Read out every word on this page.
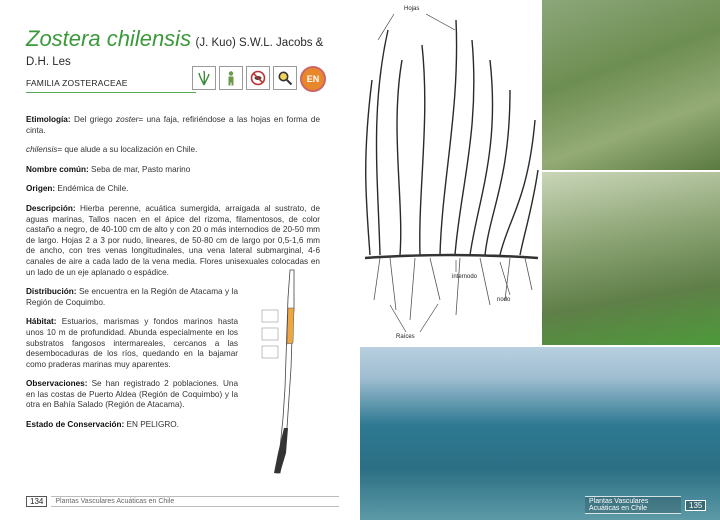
Zostera chilensis (J. Kuo) S.W.L. Jacobs & D.H. Les
FAMILIA ZOSTERACEAE	EN

Etimología: Del griego zoster= una faja, refiriéndose a las hojas en forma de cinta.

chilensis= que alude a su localización en Chile.

Nombre común: Seba de mar, Pasto marino

Origen: Endémica de Chile.

Descripción: Hierba perenne, acuática sumergida, arraigada al sustrato, de aguas marinas, Tallos nacen en el ápice del rizoma, filamentosos, de color castaño a negro, de 40-100 cm de alto y con 20 o más internodios de 20-50 mm de largo. Hojas 2 a 3 por nudo, lineares, de 50-80 cm de largo por 0,5-1,6 mm de ancho, con tres venas longitudinales, una vena lateral submarginal, 4-6 canales de aire a cada lado de la vena media. Flores unisexuales colocadas en un lado de un eje aplanado o espádice.

Distribución: Se encuentra en la Región de Atacama y la Región de Coquimbo.

Hábitat: Estuarios, marismas y fondos marinos hasta unos 10 m de profundidad. Abunda especialmente en los substratos fangosos intermareales, cercanos a las desembocaduras de los ríos, quedando en la bajamar como praderas marinas muy aparentes.

Observaciones: Se han registrado 2 poblaciones. Una en las costas de Puerto Aldea (Región de Coquimbo) y la otra en Bahía Salado (Región de Atacama).

Estado de Conservación: EN PELIGRO.

134	Plantas Vasculares Acuáticas en Chile
Hojas
internodo
nodo
Raíces
Plantas Vasculares Acuáticas en Chile	135
